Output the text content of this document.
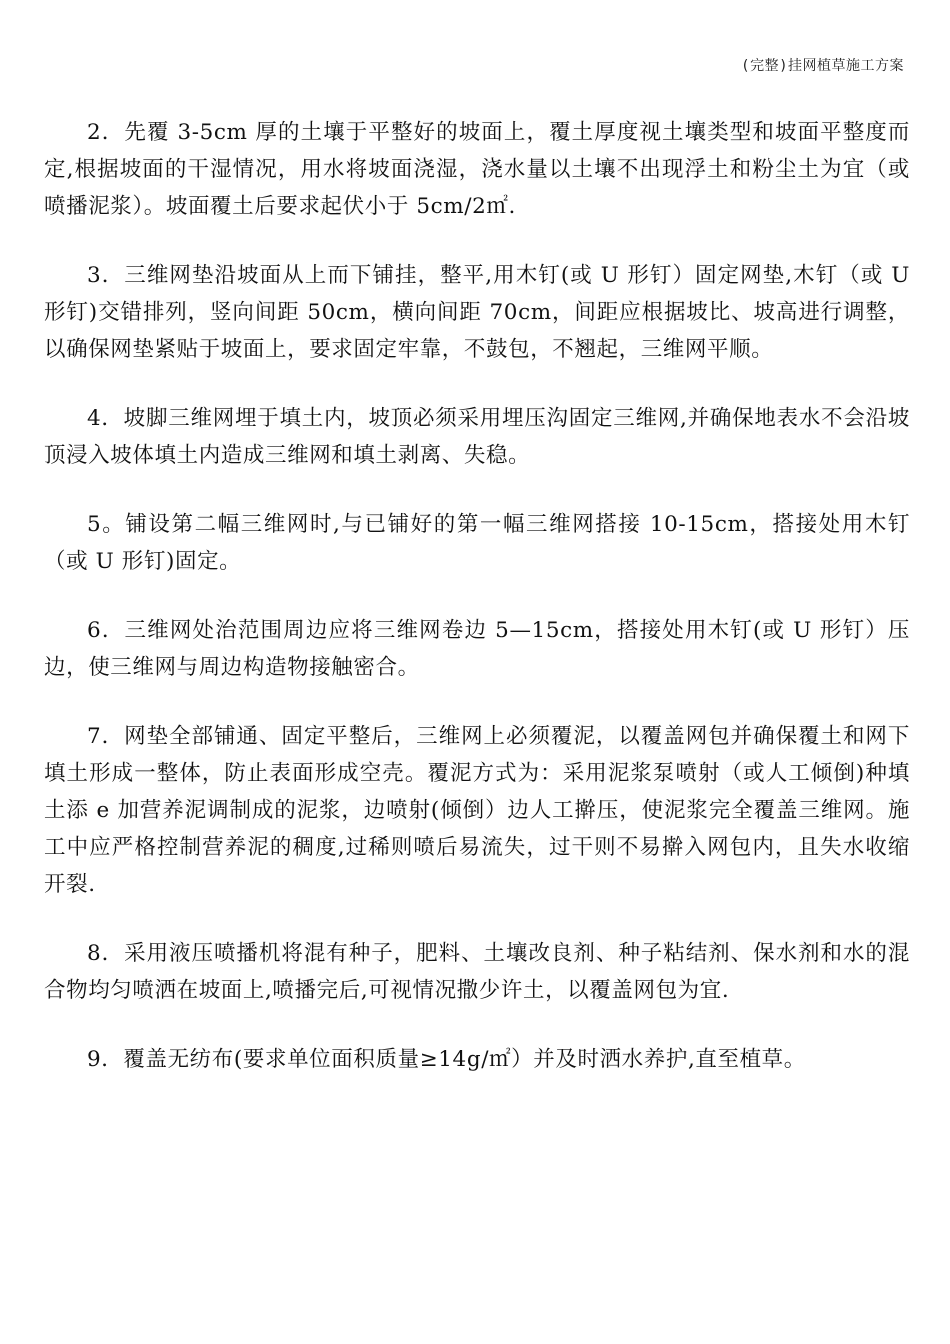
(完整)挂网植草施工方案

2．先覆 3-5cm 厚的土壤于平整好的坡面上，覆土厚度视土壤类型和坡面平整度而定,根据坡面的干湿情况，用水将坡面浇湿，浇水量以土壤不出现浮土和粉尘土为宜（或喷播泥浆）。坡面覆土后要求起伏小于 5cm/2㎡.

3．三维网垫沿坡面从上而下铺挂，整平,用木钉(或 U 形钉）固定网垫,木钉（或 U 形钉)交错排列，竖向间距 50cm，横向间距 70cm，间距应根据坡比、坡高进行调整，以确保网垫紧贴于坡面上，要求固定牢靠，不鼓包，不翘起，三维网平顺。

4．坡脚三维网埋于填土内，坡顶必须采用埋压沟固定三维网,并确保地表水不会沿坡顶浸入坡体填土内造成三维网和填土剥离、失稳。

5。铺设第二幅三维网时,与已铺好的第一幅三维网搭接 10-15cm，搭接处用木钉（或 U 形钉)固定。

6．三维网处治范围周边应将三维网卷边 5—15cm，搭接处用木钉(或 U 形钉）压边，使三维网与周边构造物接触密合。

7．网垫全部铺通、固定平整后，三维网上必须覆泥，以覆盖网包并确保覆土和网下填土形成一整体，防止表面形成空壳。覆泥方式为：采用泥浆泵喷射（或人工倾倒)种填土添 e 加营养泥调制成的泥浆，边喷射(倾倒）边人工擀压，使泥浆完全覆盖三维网。施工中应严格控制营养泥的稠度,过稀则喷后易流失，过干则不易擀入网包内，且失水收缩开裂.

8．采用液压喷播机将混有种子，肥料、土壤改良剂、种子粘结剂、保水剂和水的混合物均匀喷洒在坡面上,喷播完后,可视情况撒少许土，以覆盖网包为宜.

9．覆盖无纺布(要求单位面积质量≥14g/㎡）并及时洒水养护,直至植草。
